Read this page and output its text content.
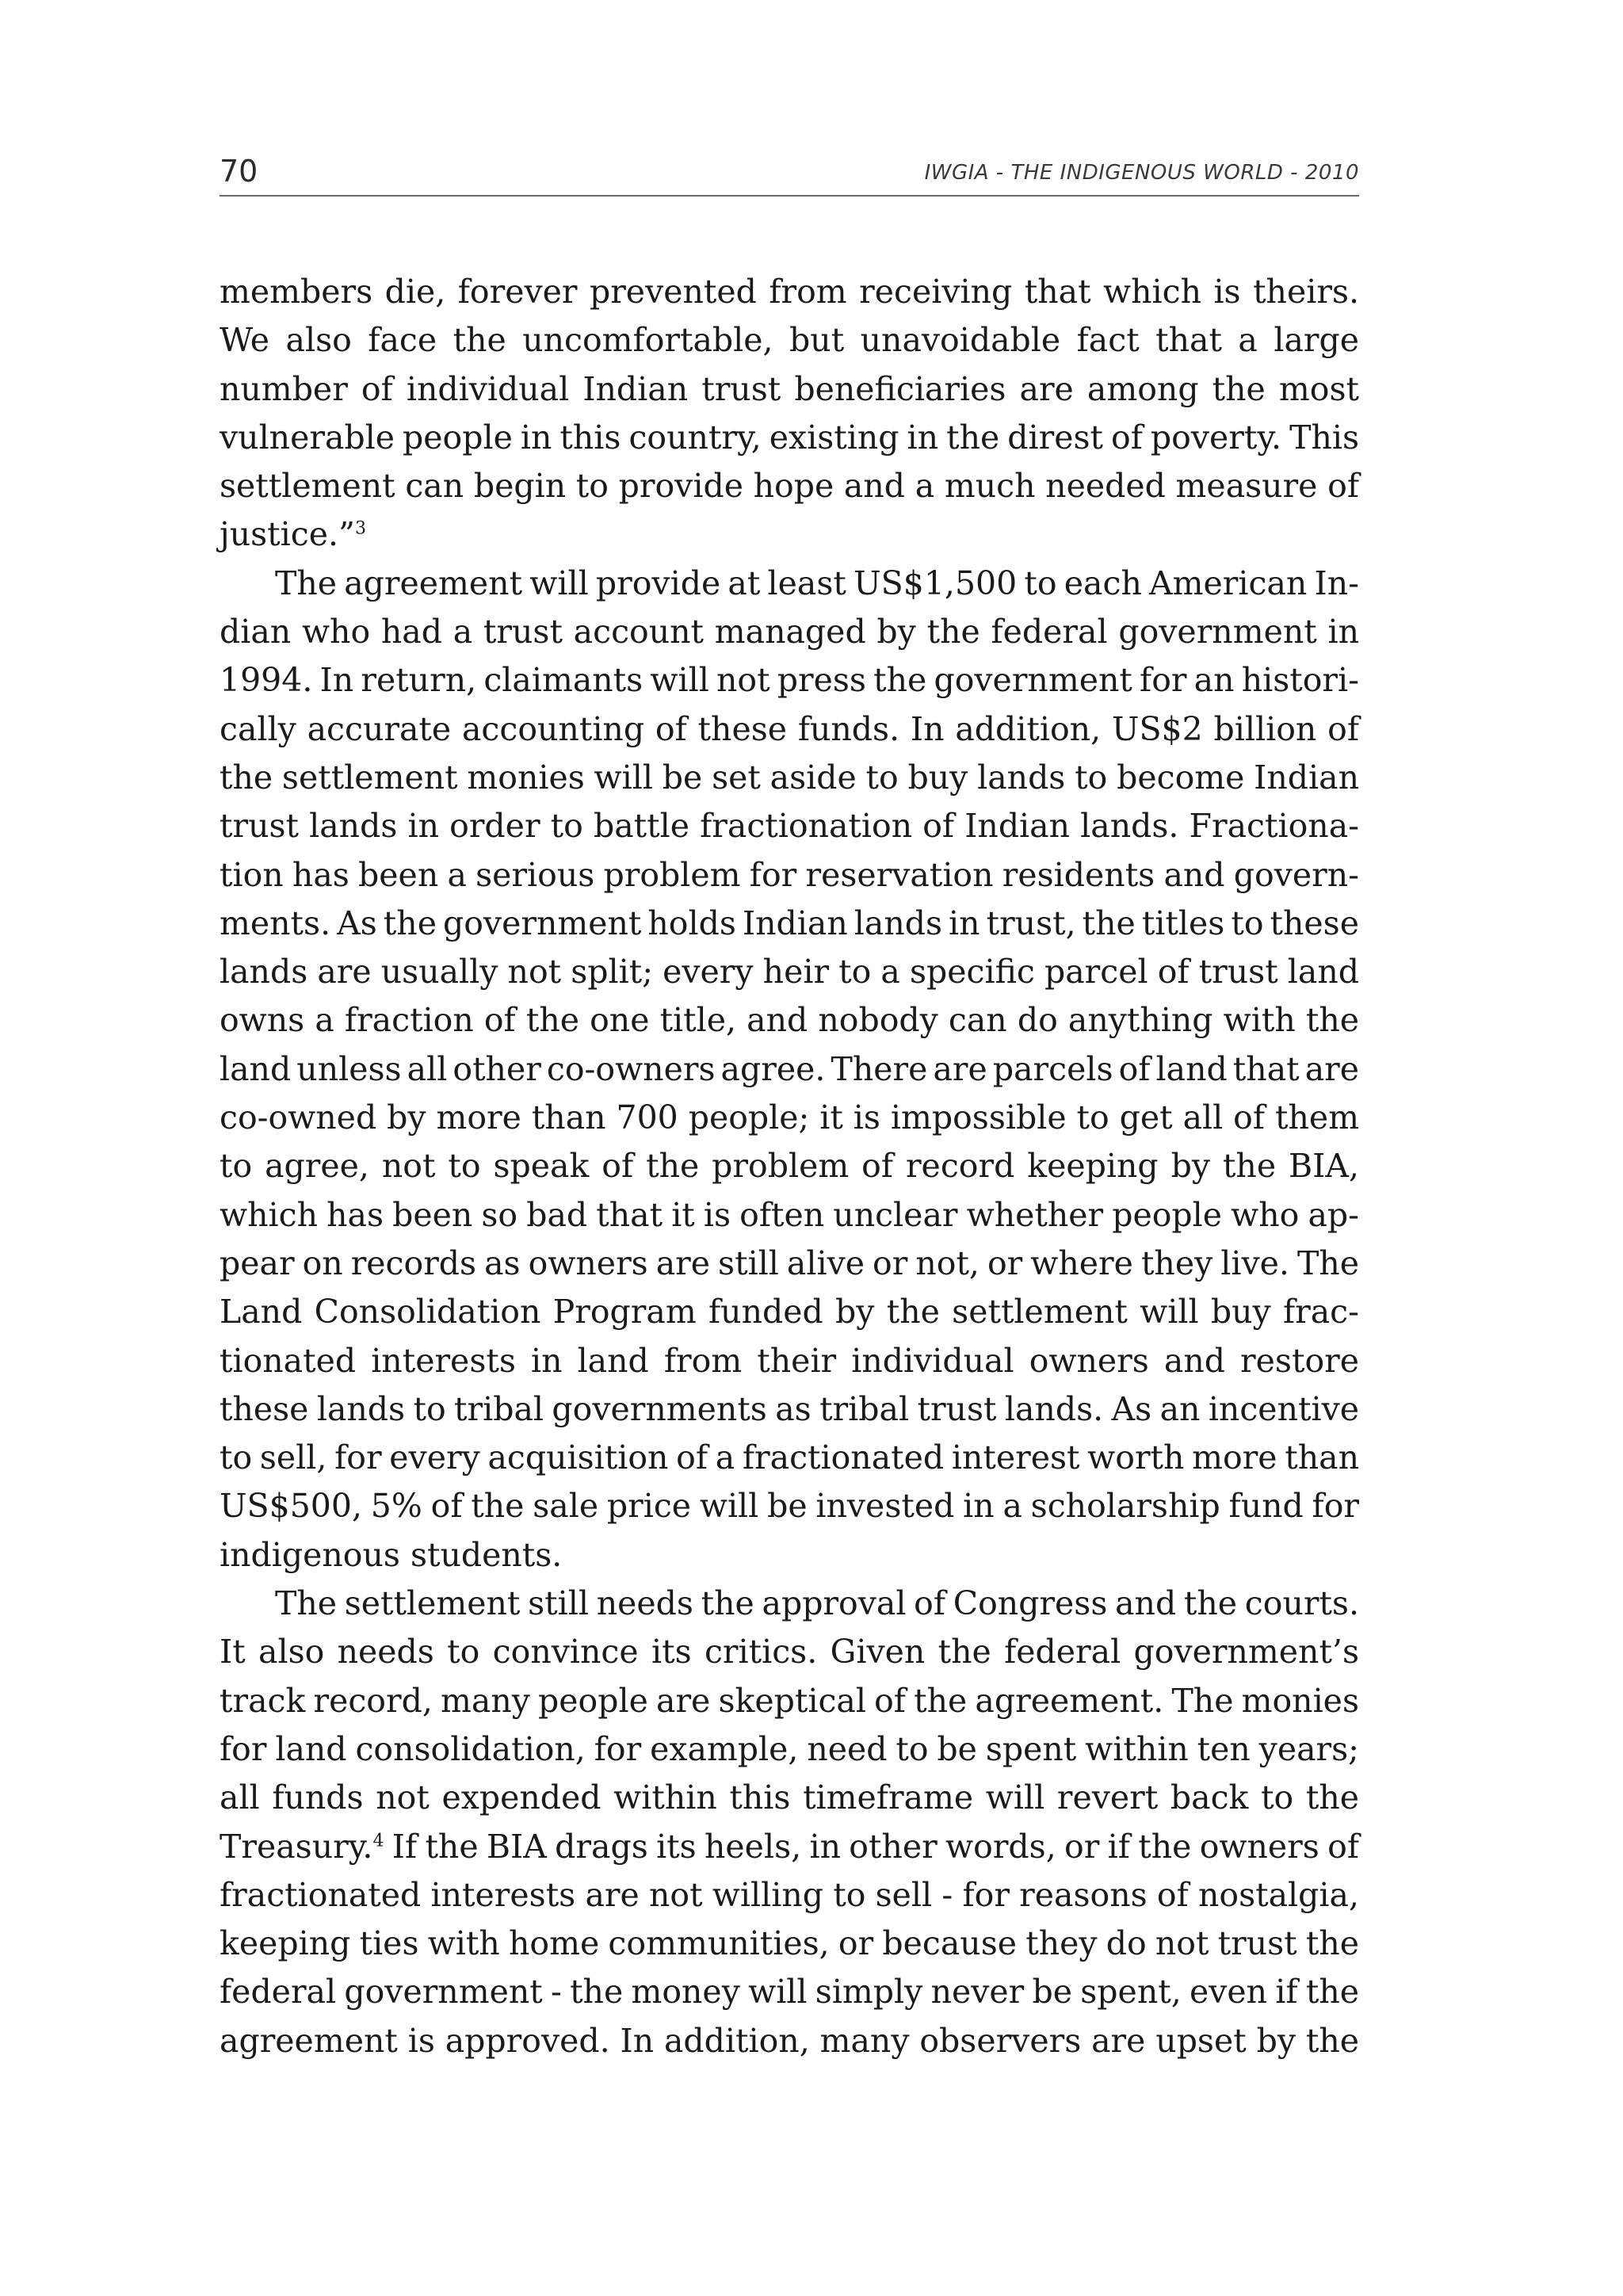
70	IWGIA - THE INDIGENOUS WORLD - 2010
members die, forever prevented from receiving that which is theirs.
We also face the uncomfortable, but unavoidable fact that a large
number of individual Indian trust beneficiaries are among the most
vulnerable people in this country, existing in the direst of poverty. This
settlement can begin to provide hope and a much needed measure of
justice.”$^3$
The agreement will provide at least US$1,500 to each American In-
dian who had a trust account managed by the federal government in
1994. In return, claimants will not press the government for an histori-
cally accurate accounting of these funds. In addition, US$2 billion of
the settlement monies will be set aside to buy lands to become Indian
trust lands in order to battle fractionation of Indian lands. Fractiona-
tion has been a serious problem for reservation residents and govern-
ments. As the government holds Indian lands in trust, the titles to these
lands are usually not split; every heir to a specific parcel of trust land
owns a fraction of the one title, and nobody can do anything with the
land unless all other co-owners agree. There are parcels of land that are
co-owned by more than 700 people; it is impossible to get all of them
to agree, not to speak of the problem of record keeping by the BIA,
which has been so bad that it is often unclear whether people who ap-
pear on records as owners are still alive or not, or where they live. The
Land Consolidation Program funded by the settlement will buy frac-
tionated interests in land from their individual owners and restore
these lands to tribal governments as tribal trust lands. As an incentive
to sell, for every acquisition of a fractionated interest worth more than
US$500, 5% of the sale price will be invested in a scholarship fund for
indigenous students.
The settlement still needs the approval of Congress and the courts.
It also needs to convince its critics. Given the federal government’s
track record, many people are skeptical of the agreement. The monies
for land consolidation, for example, need to be spent within ten years;
all funds not expended within this timeframe will revert back to the
Treasury.$^4$ If the BIA drags its heels, in other words, or if the owners of
fractionated interests are not willing to sell - for reasons of nostalgia,
keeping ties with home communities, or because they do not trust the
federal government - the money will simply never be spent, even if the
agreement is approved. In addition, many observers are upset by the
